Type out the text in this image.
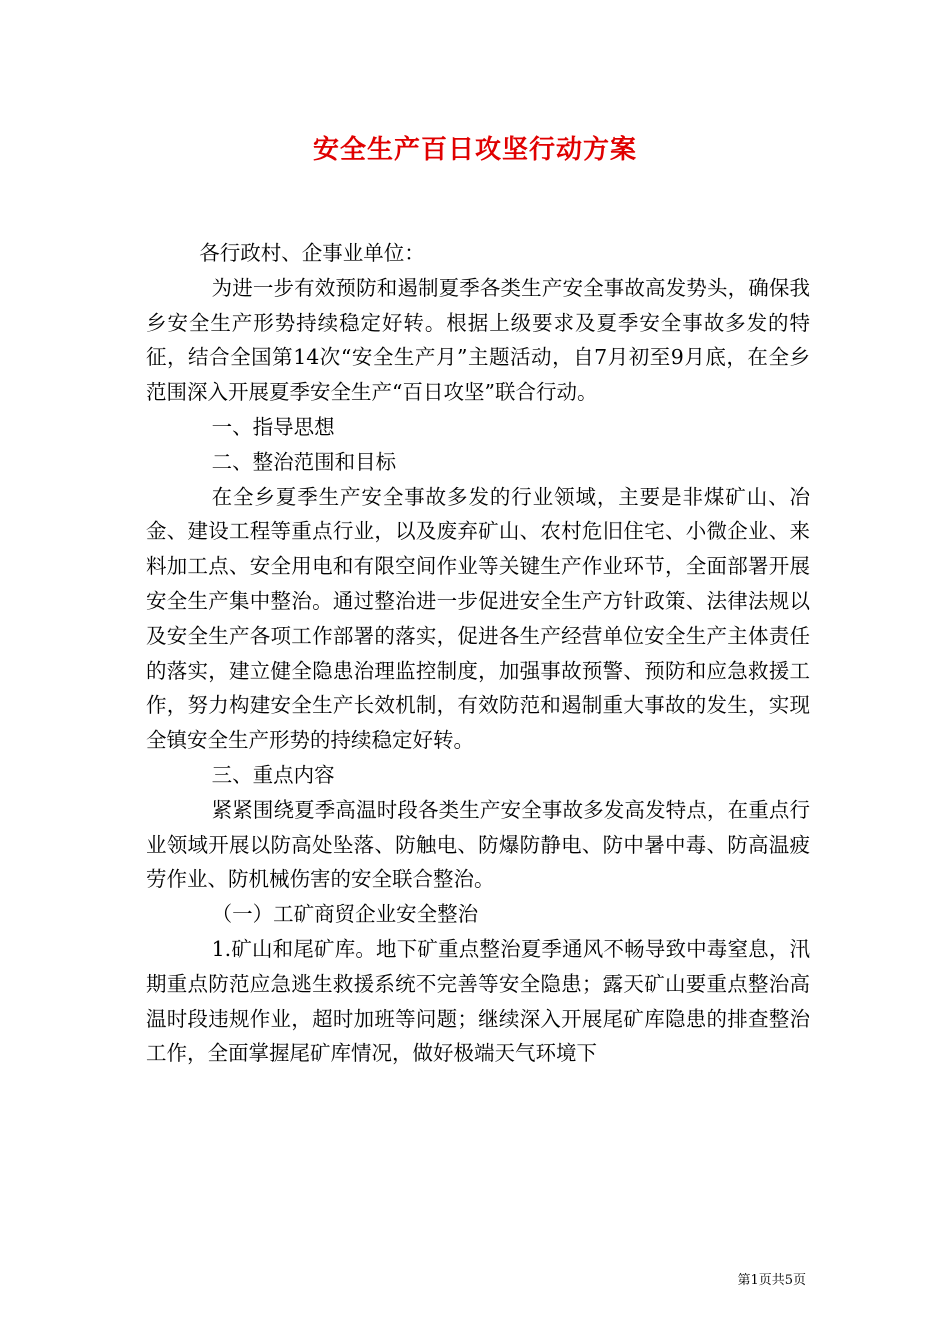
安全生产百日攻坚行动方案

各行政村、企事业单位：

为进一步有效预防和遏制夏季各类生产安全事故高发势头，确保我乡安全生产形势持续稳定好转。根据上级要求及夏季安全事故多发的特征，结合全国第14次“安全生产月”主题活动，自7月初至9月底，在全乡范围深入开展夏季安全生产“百日攻坚”联合行动。

一、指导思想

二、整治范围和目标

在全乡夏季生产安全事故多发的行业领域，主要是非煤矿山、冶金、建设工程等重点行业，以及废弃矿山、农村危旧住宅、小微企业、来料加工点、安全用电和有限空间作业等关键生产作业环节，全面部署开展安全生产集中整治。通过整治进一步促进安全生产方针政策、法律法规以及安全生产各项工作部署的落实，促进各生产经营单位安全生产主体责任的落实，建立健全隐患治理监控制度，加强事故预警、预防和应急救援工作，努力构建安全生产长效机制，有效防范和遏制重大事故的发生，实现全镇安全生产形势的持续稳定好转。

三、重点内容

紧紧围绕夏季高温时段各类生产安全事故多发高发特点，在重点行业领域开展以防高处坠落、防触电、防爆防静电、防中暑中毒、防高温疲劳作业、防机械伤害的安全联合整治。

（一）工矿商贸企业安全整治

1.矿山和尾矿库。地下矿重点整治夏季通风不畅导致中毒窒息，汛期重点防范应急逃生救援系统不完善等安全隐患；露天矿山要重点整治高温时段违规作业，超时加班等问题；继续深入开展尾矿库隐患的排查整治工作，全面掌握尾矿库情况，做好极端天气环境下

第1页共5页
